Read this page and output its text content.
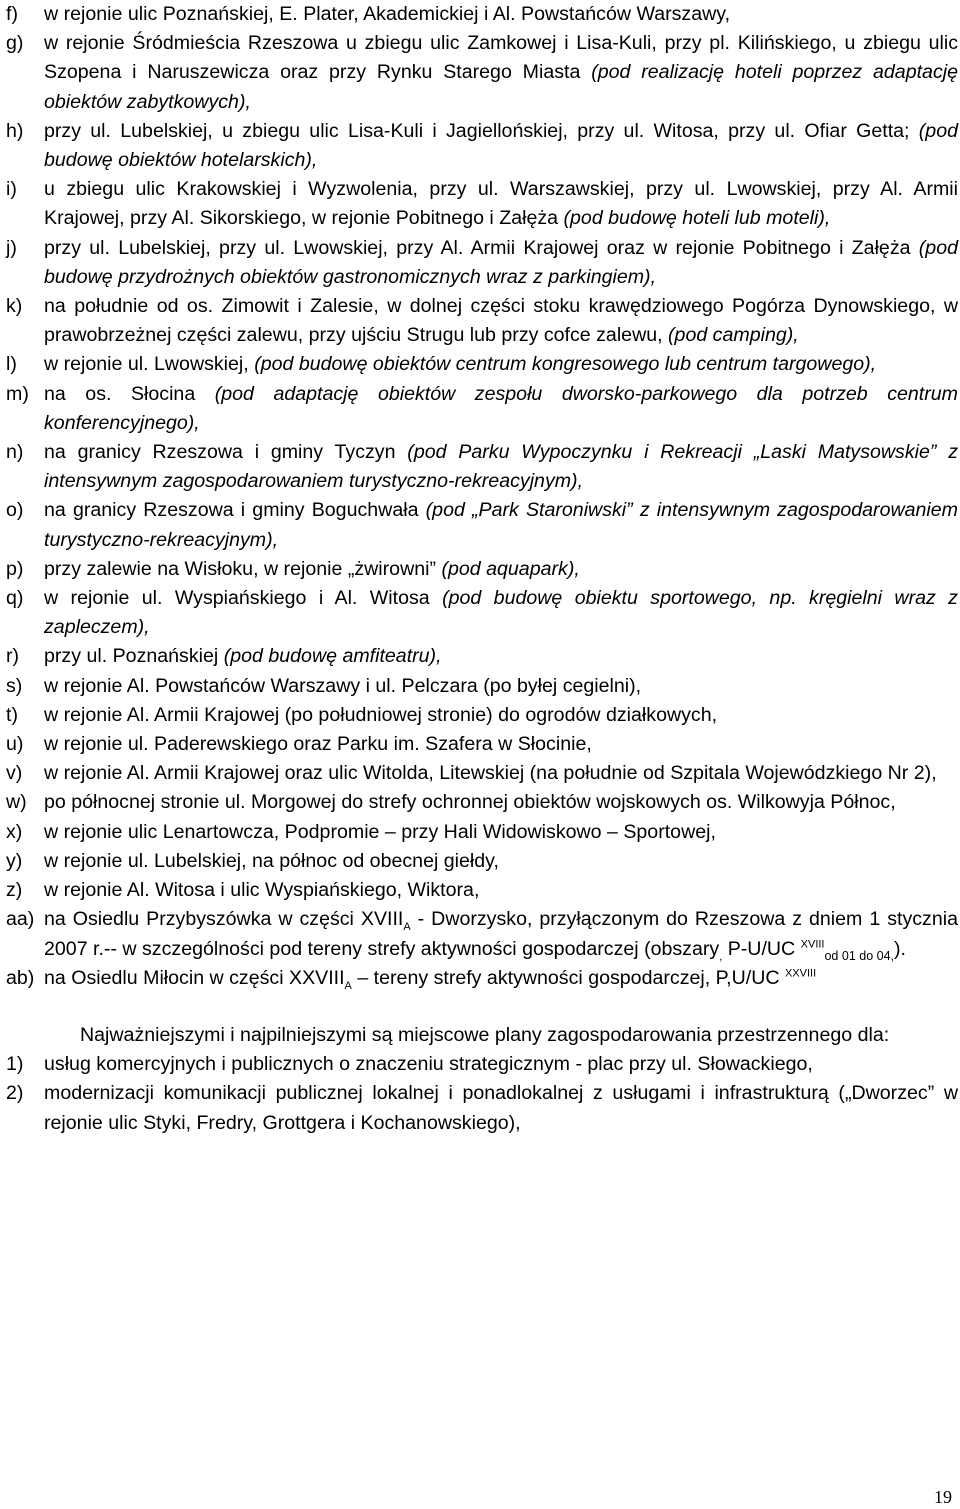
f)	w rejonie ulic Poznańskiej, E. Plater, Akademickiej i Al. Powstańców Warszawy,
g)	w rejonie Śródmieścia Rzeszowa u zbiegu ulic Zamkowej i Lisa-Kuli, przy pl. Kilińskiego, u zbiegu ulic Szopena i Naruszewicza oraz przy Rynku Starego Miasta (pod realizację hoteli poprzez adaptację obiektów zabytkowych),
h)	przy ul. Lubelskiej, u zbiegu ulic Lisa-Kuli i Jagiellońskiej, przy ul. Witosa, przy ul. Ofiar Getta; (pod budowę obiektów hotelarskich),
i)	u zbiegu ulic Krakowskiej i Wyzwolenia, przy ul. Warszawskiej, przy ul. Lwowskiej, przy Al. Armii Krajowej, przy Al. Sikorskiego, w rejonie Pobitnego i Załęża (pod budowę hoteli lub moteli),
j)	przy ul. Lubelskiej, przy ul. Lwowskiej, przy Al. Armii Krajowej oraz w rejonie Pobitnego i Załęża (pod budowę przydrożnych obiektów gastronomicznych wraz z parkingiem),
k)	na południe od os. Zimowit i Zalesie, w dolnej części stoku krawędziowego Pogórza Dynowskiego, w prawobrzeżnej części zalewu, przy ujściu Strugu lub przy cofce zalewu, (pod camping),
l)	w rejonie ul. Lwowskiej, (pod budowę obiektów centrum kongresowego lub centrum targowego),
m) na os. Słocina (pod adaptację obiektów zespołu dworsko-parkowego dla potrzeb centrum konferencyjnego),
n)	na granicy Rzeszowa i gminy Tyczyn (pod Parku Wypoczynku i Rekreacji „Laski Matysowskie” z intensywnym zagospodarowaniem turystyczno-rekreacyjnym),
o)	na granicy Rzeszowa i gminy Boguchwała (pod „Park Staroniwski” z intensywnym zagospodarowaniem turystyczno-rekreacyjnym),
p)	przy zalewie na Wisłoku, w rejonie „żwirowni” (pod aquapark),
q)	w rejonie ul. Wyspiańskiego i Al. Witosa (pod budowę obiektu sportowego, np. kręgielni wraz z zapleczem),
r)	przy ul. Poznańskiej (pod budowę amfiteatru),
s)	w rejonie Al. Powstańców Warszawy i ul. Pelczara (po byłej cegielni),
t)	w rejonie Al. Armii Krajowej (po południowej stronie) do ogrodów działkowych,
u)	w rejonie ul. Paderewskiego oraz Parku im. Szafera w Słocinie,
v)	w rejonie Al. Armii Krajowej oraz ulic Witolda, Litewskiej (na południe od Szpitala Wojewódzkiego Nr 2),
w) po północnej stronie ul. Morgowej do strefy ochronnej obiektów wojskowych os. Wilkowyja Północ,
x)	w rejonie ulic Lenartowcza, Podpromie – przy Hali Widowiskowo – Sportowej,
y)	w rejonie ul. Lubelskiej, na północ od obecnej giełdy,
z)	w rejonie Al. Witosa i ulic Wyspiańskiego, Wiktora,
aa) na Osiedlu Przybyszówka w części $XVIII_A$ - Dworzysko, przyłączonym do Rzeszowa z dniem 1 stycznia 2007 r.-- w szczególności pod tereny strefy aktywności gospodarczej (obszary$_,$ P-U/UC $^{XVIII}_{od 01 do 04,}$).
ab) na Osiedlu Miłocin w części $XXVIII_A$ – tereny strefy aktywności gospodarczej, P,U/UC $^{XXVIII}$
Najważniejszymi i najpilniejszymi są miejscowe plany zagospodarowania przestrzennego dla:
1)	usług komercyjnych i publicznych o znaczeniu strategicznym - plac przy ul. Słowackiego,
2)	modernizacji komunikacji publicznej lokalnej i ponadlokalnej z usługami i infrastrukturą („Dworzec” w rejonie ulic Styki, Fredry, Grottgera i Kochanowskiego),
19
